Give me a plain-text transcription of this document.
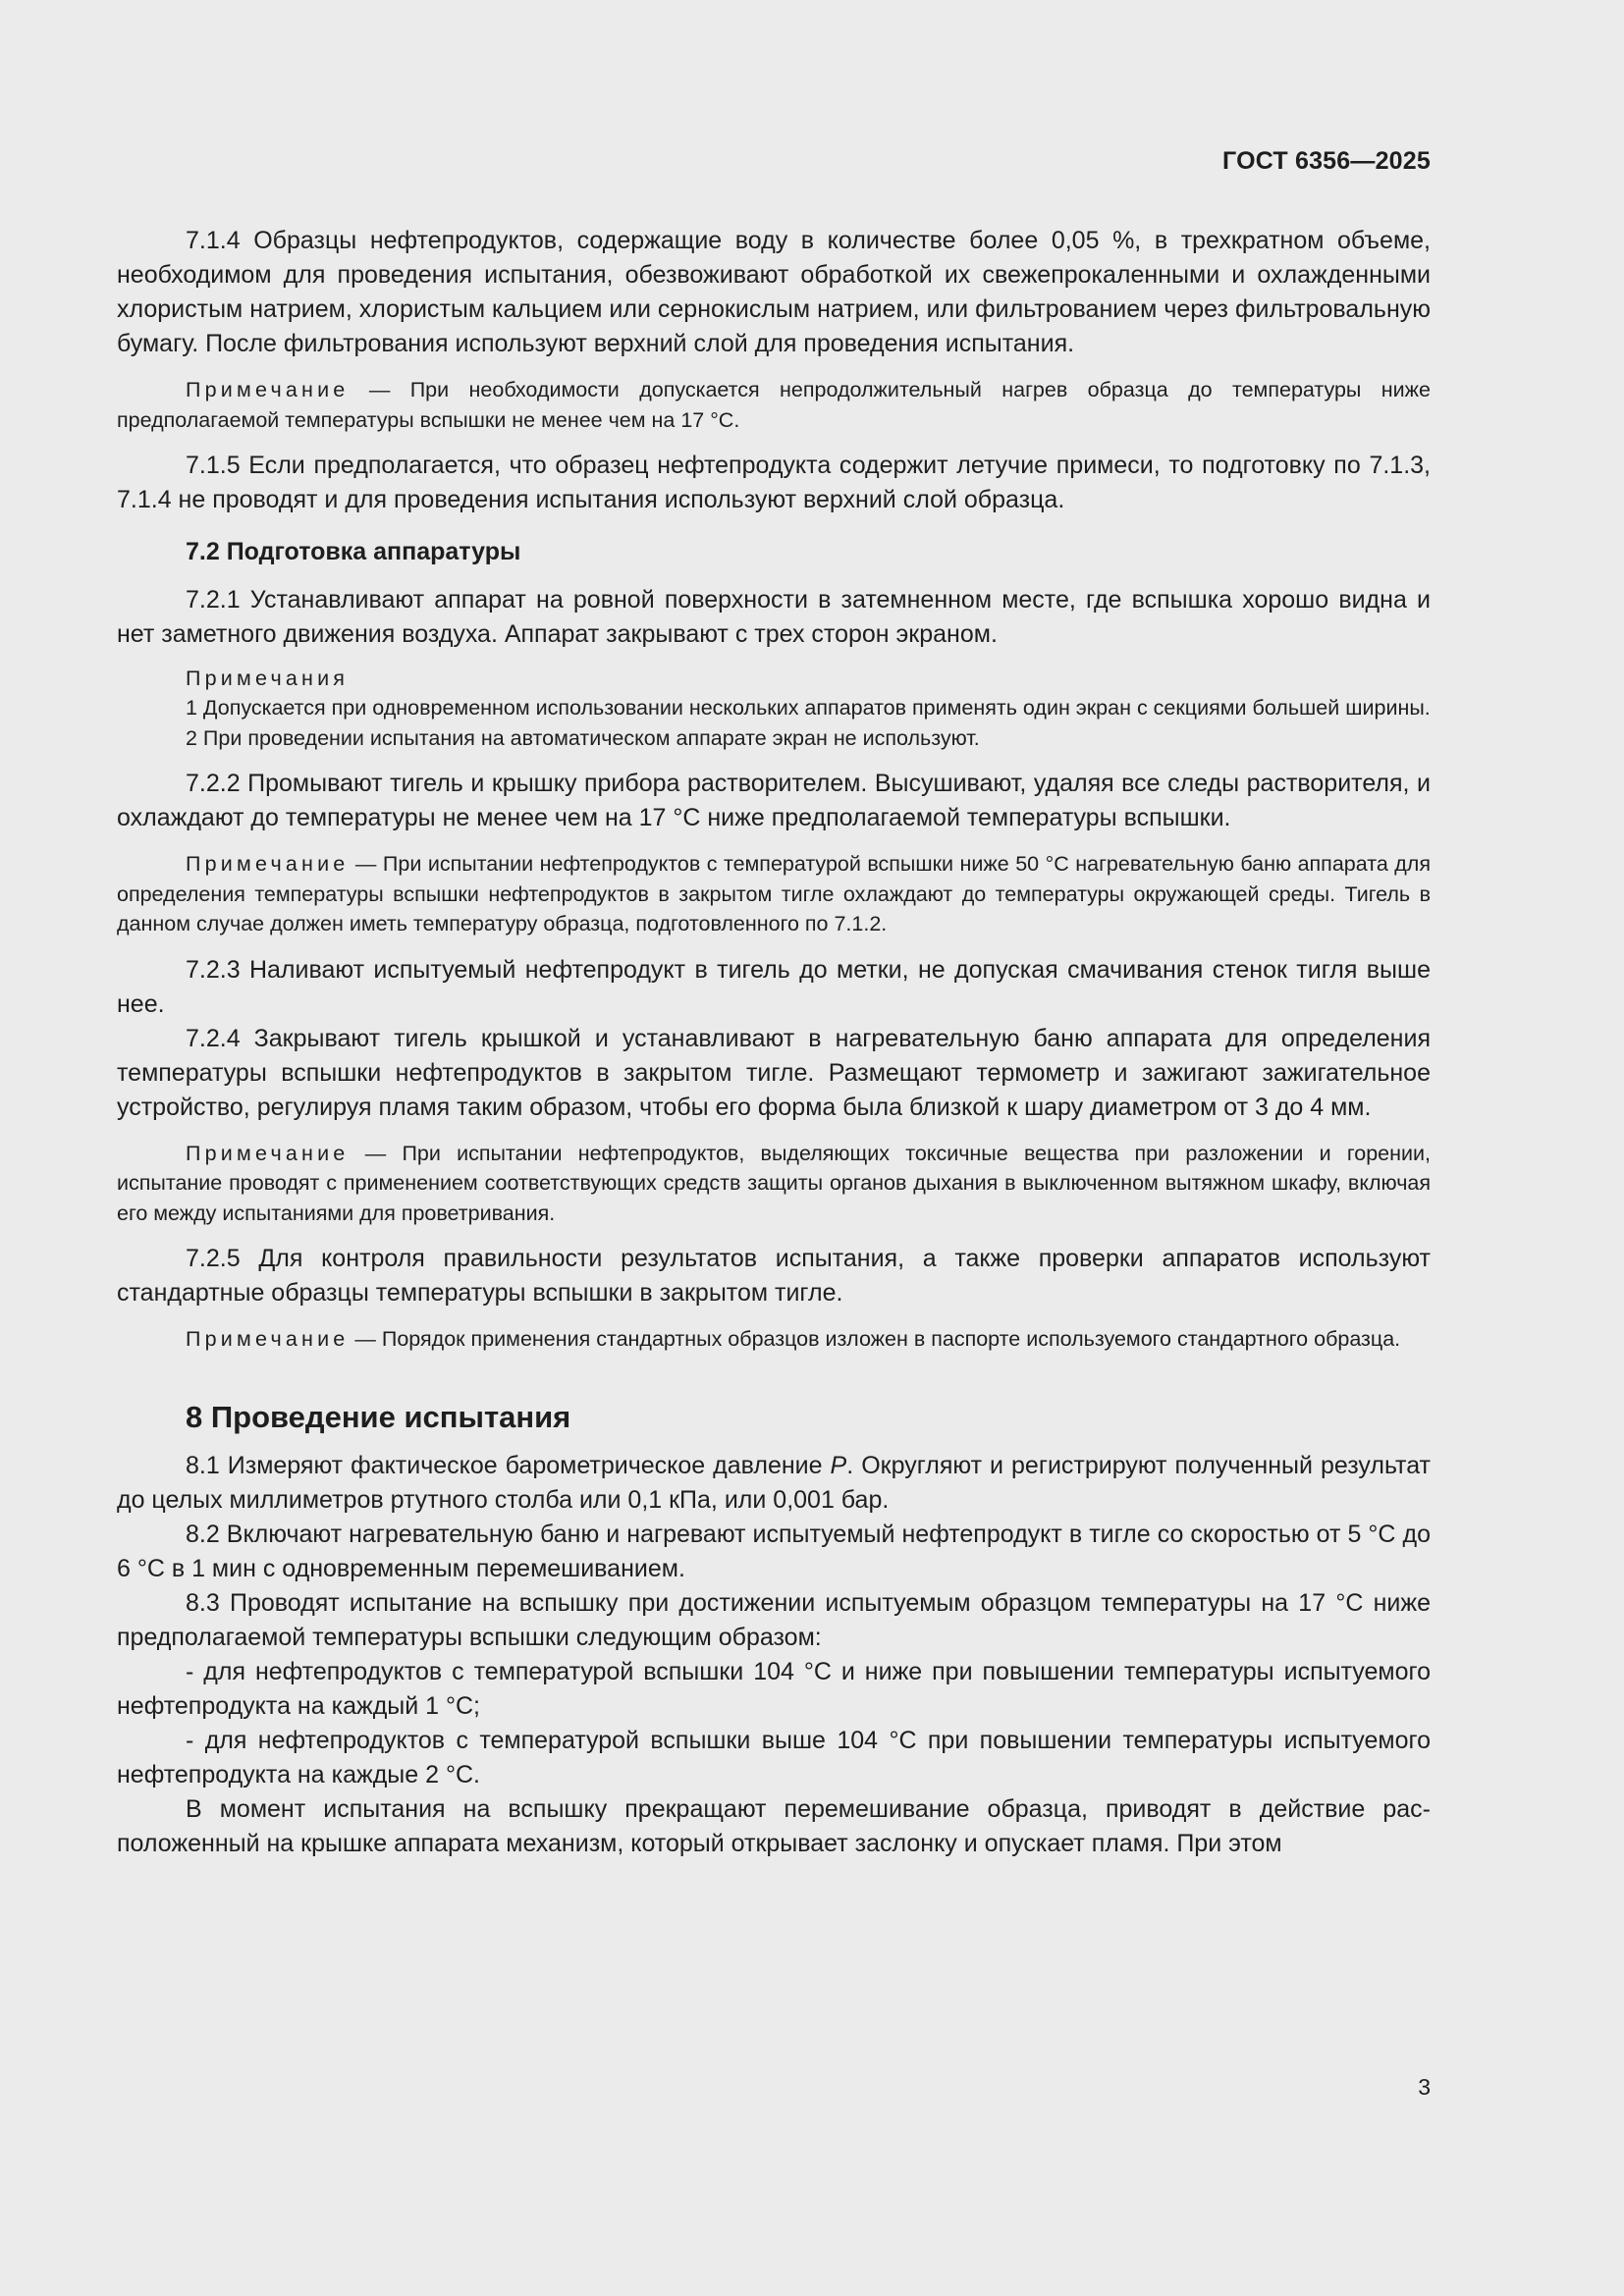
ГОСТ 6356—2025

7.1.4 Образцы нефтепродуктов, содержащие воду в количестве более 0,05 %, в трехкратном объеме, необходимом для проведения испытания, обезвоживают обработкой их свежепрокаленными и охлажденными хлористым натрием, хлористым кальцием или сернокислым натрием, или фильтрованием через фильтровальную бумагу. После фильтрования используют верхний слой для проведения испытания.

Примечание — При необходимости допускается непродолжительный нагрев образца до температуры ниже предполагаемой температуры вспышки не менее чем на 17 °С.

7.1.5 Если предполагается, что образец нефтепродукта содержит летучие примеси, то подготовку по 7.1.3, 7.1.4 не проводят и для проведения испытания используют верхний слой образца.

7.2 Подготовка аппаратуры

7.2.1 Устанавливают аппарат на ровной поверхности в затемненном месте, где вспышка хорошо видна и нет заметного движения воздуха. Аппарат закрывают с трех сторон экраном.

Примечания

1 Допускается при одновременном использовании нескольких аппаратов применять один экран с секциями большей ширины.

2 При проведении испытания на автоматическом аппарате экран не используют.

7.2.2 Промывают тигель и крышку прибора растворителем. Высушивают, удаляя все следы растворителя, и охлаждают до температуры не менее чем на 17 °С ниже предполагаемой температуры вспышки.

Примечание — При испытании нефтепродуктов с температурой вспышки ниже 50 °С нагревательную баню аппарата для определения температуры вспышки нефтепродуктов в закрытом тигле охлаждают до температуры окружающей среды. Тигель в данном случае должен иметь температуру образца, подготовленного по 7.1.2.

7.2.3 Наливают испытуемый нефтепродукт в тигель до метки, не допуская смачивания стенок тигля выше нее.

7.2.4 Закрывают тигель крышкой и устанавливают в нагревательную баню аппарата для определения температуры вспышки нефтепродуктов в закрытом тигле. Размещают термометр и зажигают зажигательное устройство, регулируя пламя таким образом, чтобы его форма была близкой к шару диаметром от 3 до 4 мм.

Примечание — При испытании нефтепродуктов, выделяющих токсичные вещества при разложении и горении, испытание проводят с применением соответствующих средств защиты органов дыхания в выключенном вытяжном шкафу, включая его между испытаниями для проветривания.

7.2.5 Для контроля правильности результатов испытания, а также проверки аппаратов используют стандартные образцы температуры вспышки в закрытом тигле.

Примечание — Порядок применения стандартных образцов изложен в паспорте используемого стандартного образца.

8 Проведение испытания

8.1 Измеряют фактическое барометрическое давление P. Округляют и регистрируют полученный результат до целых миллиметров ртутного столба или 0,1 кПа, или 0,001 бар.

8.2 Включают нагревательную баню и нагревают испытуемый нефтепродукт в тигле со скоростью от 5 °С до 6 °С в 1 мин с одновременным перемешиванием.

8.3 Проводят испытание на вспышку при достижении испытуемым образцом температуры на 17 °С ниже предполагаемой температуры вспышки следующим образом:

- для нефтепродуктов с температурой вспышки 104 °С и ниже при повышении температуры испытуемого нефтепродукта на каждый 1 °С;

- для нефтепродуктов с температурой вспышки выше 104 °С при повышении температуры испытуемого нефтепродукта на каждые 2 °С.

В момент испытания на вспышку прекращают перемешивание образца, приводят в действие расположенный на крышке аппарата механизм, который открывает заслонку и опускает пламя. При этом

3
